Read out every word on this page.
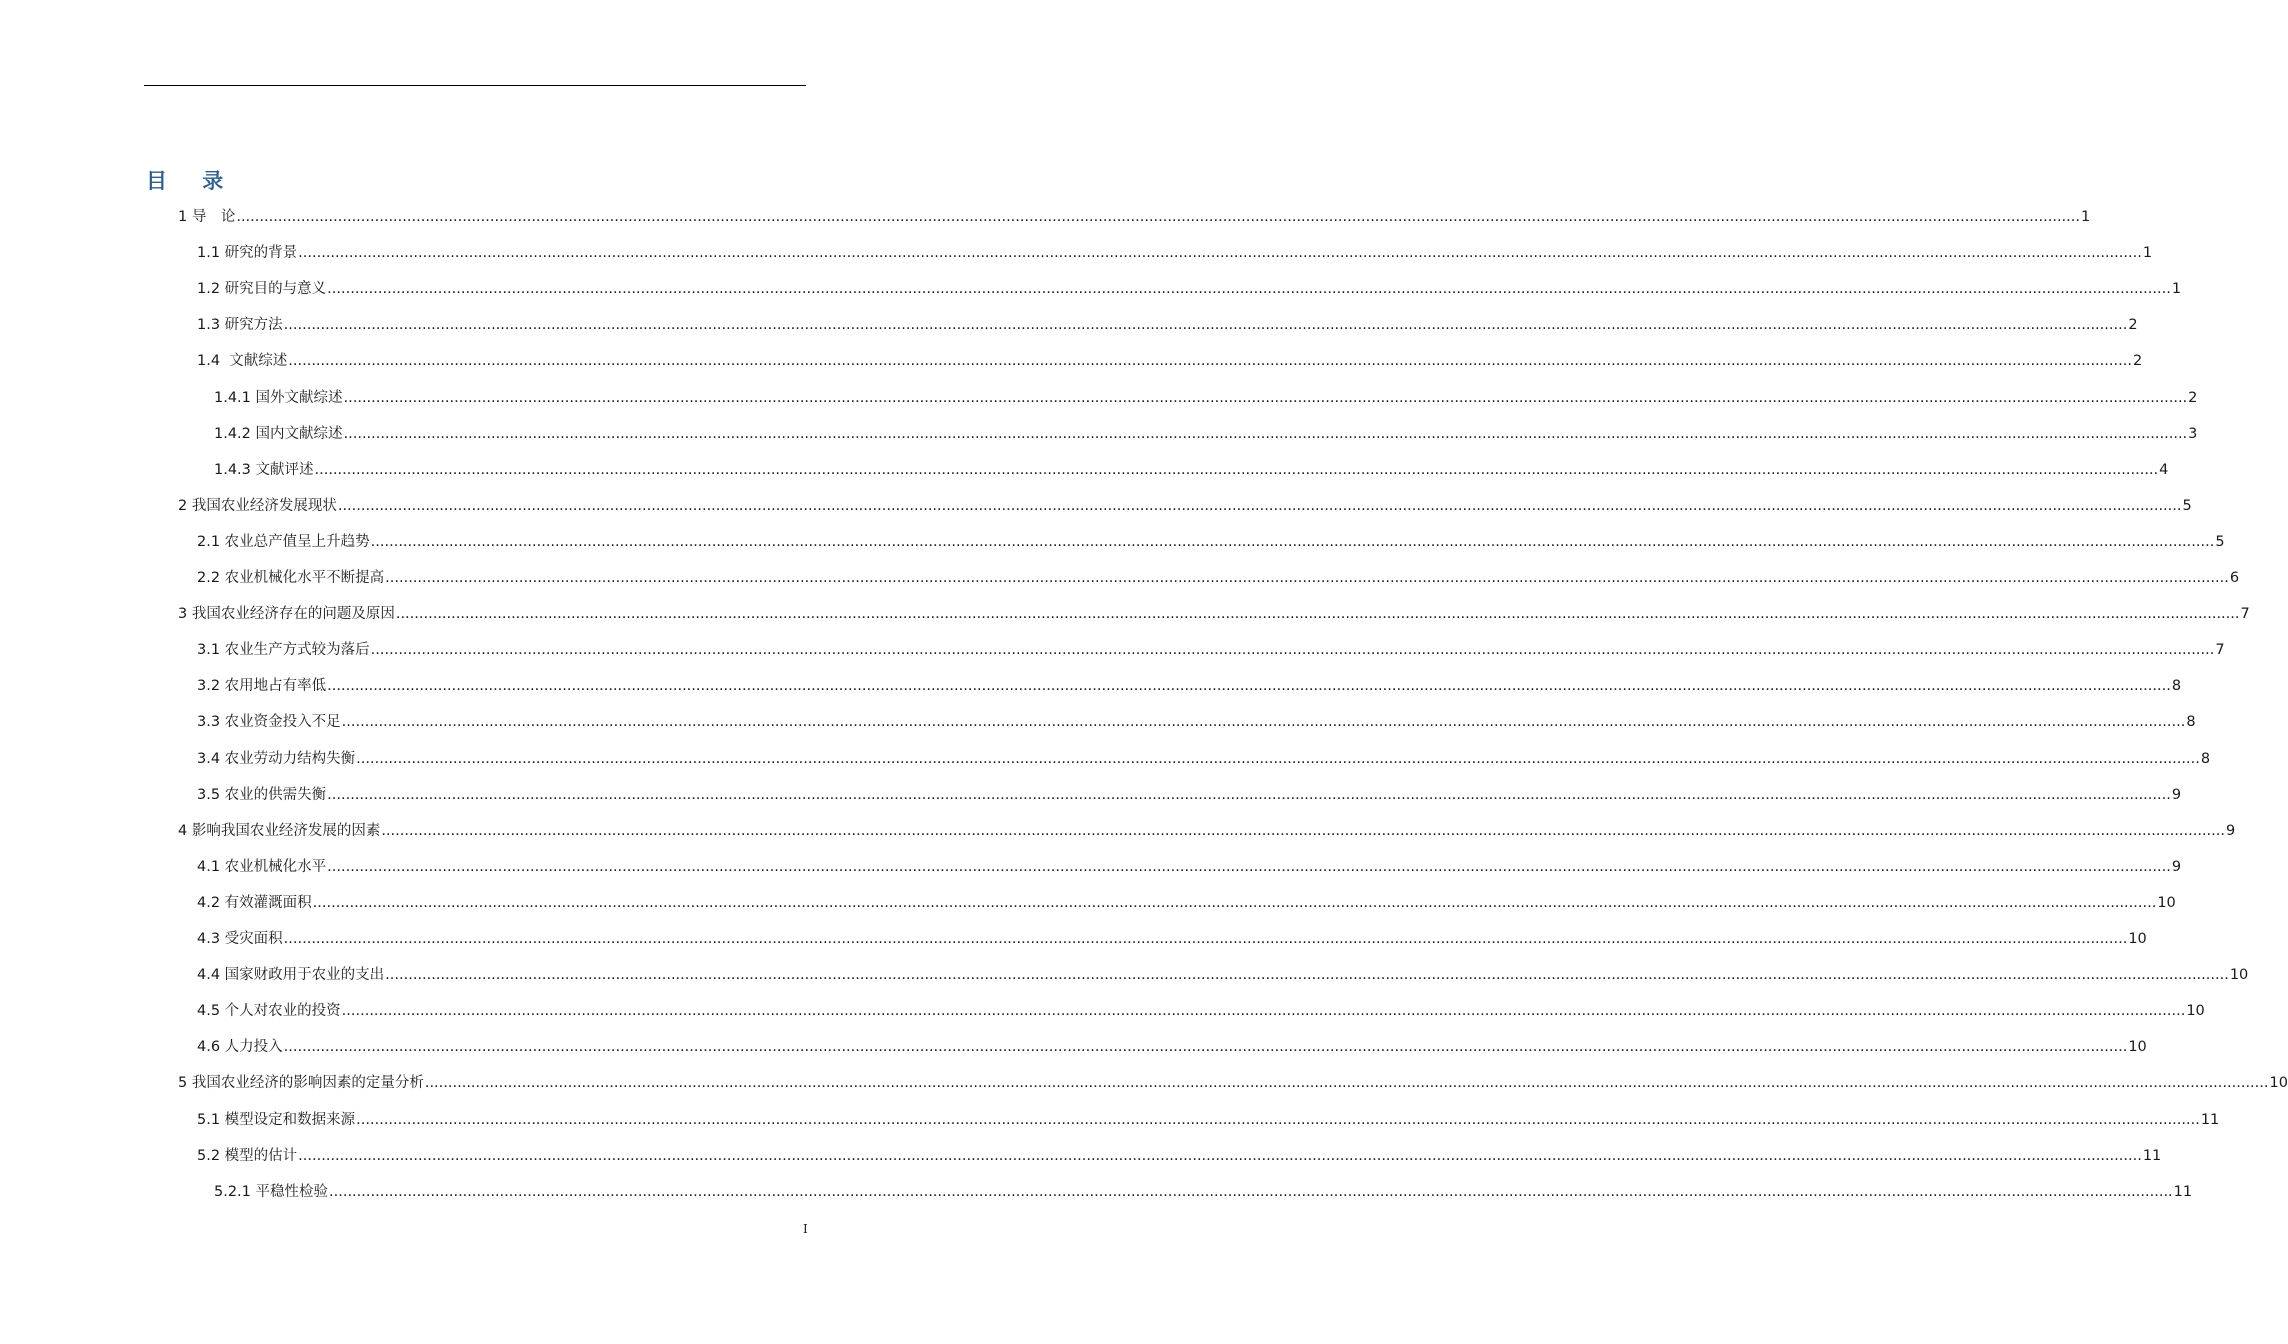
目 录
1 导　论 ................................................................................................................................................................................................................................................................................................................................................................................................................ 1
1.1 研究的背景 ................................................................................................................................................................................................................................................................................................................................................................................................................ 1
1.2 研究目的与意义 ................................................................................................................................................................................................................................................................................................................................................................................................................ 1
1.3 研究方法 ................................................................................................................................................................................................................................................................................................................................................................................................................ 2
1.4  文献综述 ................................................................................................................................................................................................................................................................................................................................................................................................................ 2
1.4.1 国外文献综述 ................................................................................................................................................................................................................................................................................................................................................................................................................ 2
1.4.2 国内文献综述 ................................................................................................................................................................................................................................................................................................................................................................................................................ 3
1.4.3 文献评述 ................................................................................................................................................................................................................................................................................................................................................................................................................ 4
2 我国农业经济发展现状 ................................................................................................................................................................................................................................................................................................................................................................................................................ 5
2.1 农业总产值呈上升趋势 ................................................................................................................................................................................................................................................................................................................................................................................................................ 5
2.2 农业机械化水平不断提高 ................................................................................................................................................................................................................................................................................................................................................................................................................ 6
3 我国农业经济存在的问题及原因 ................................................................................................................................................................................................................................................................................................................................................................................................................ 7
3.1 农业生产方式较为落后 ................................................................................................................................................................................................................................................................................................................................................................................................................ 7
3.2 农用地占有率低 ................................................................................................................................................................................................................................................................................................................................................................................................................ 8
3.3 农业资金投入不足 ................................................................................................................................................................................................................................................................................................................................................................................................................ 8
3.4 农业劳动力结构失衡 ................................................................................................................................................................................................................................................................................................................................................................................................................ 8
3.5 农业的供需失衡 ................................................................................................................................................................................................................................................................................................................................................................................................................ 9
4 影响我国农业经济发展的因素 ................................................................................................................................................................................................................................................................................................................................................................................................................ 9
4.1 农业机械化水平 ................................................................................................................................................................................................................................................................................................................................................................................................................ 9
4.2 有效灌溉面积 ................................................................................................................................................................................................................................................................................................................................................................................................................ 10
4.3 受灾面积 ................................................................................................................................................................................................................................................................................................................................................................................................................ 10
4.4 国家财政用于农业的支出 ................................................................................................................................................................................................................................................................................................................................................................................................................ 10
4.5 个人对农业的投资 ................................................................................................................................................................................................................................................................................................................................................................................................................ 10
4.6 人力投入 ................................................................................................................................................................................................................................................................................................................................................................................................................ 10
5 我国农业经济的影响因素的定量分析 ................................................................................................................................................................................................................................................................................................................................................................................................................ 10
5.1 模型设定和数据来源 ................................................................................................................................................................................................................................................................................................................................................................................................................ 11
5.2 模型的估计 ................................................................................................................................................................................................................................................................................................................................................................................................................ 11
5.2.1 平稳性检验 ................................................................................................................................................................................................................................................................................................................................................................................................................ 11
I
